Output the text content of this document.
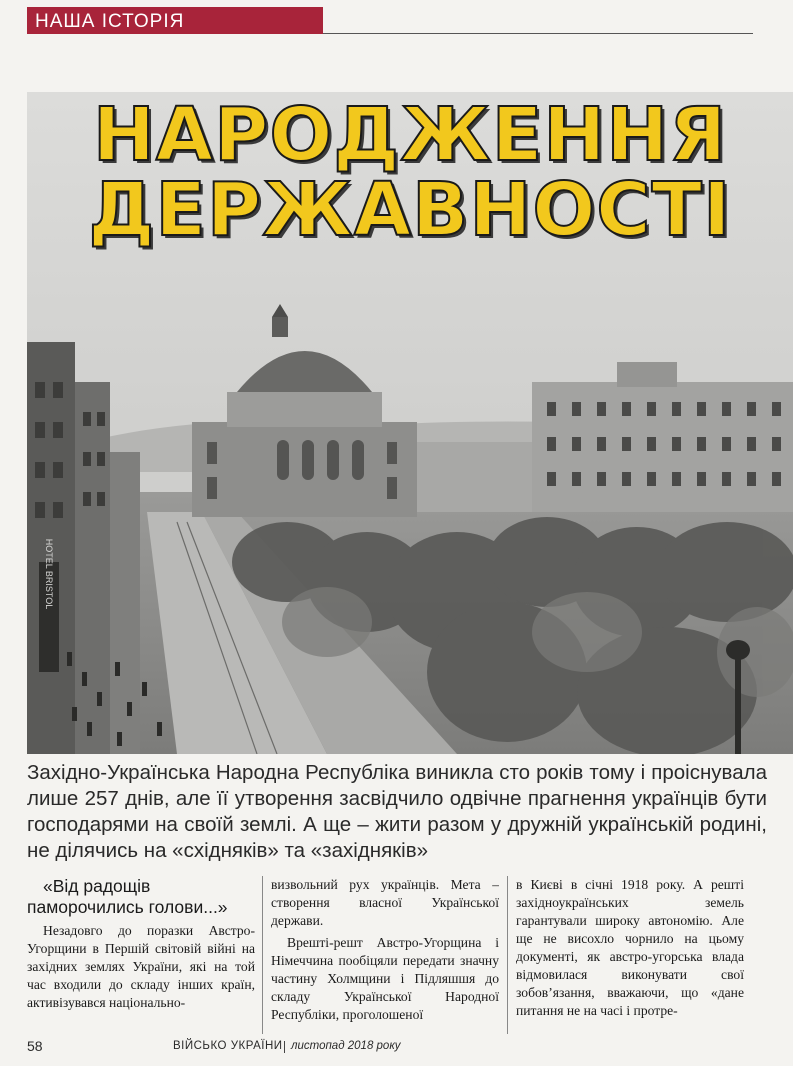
НАША ІСТОРІЯ
HOTEL BRISTOL
НАРОДЖЕННЯ
ДЕРЖАВНОСТІ

Західно-Українська Народна Республіка виникла сто років тому і проіснувала лише 257 днів, але її утворення засвідчило одвічне прагнення українців бути господарями на своїй землі. А ще – жити разом у дружній українській родині, не ділячись на «східняків» та «західняків»

«Від радощів паморочились голови...»

Незадовго до поразки Австро-Угорщини в Першій світовій війні на західних землях України, які на той час входили до складу інших країн, активізувався національно-

визвольний рух українців. Мета – створення власної Української держави.

Врешті-решт Австро-Угорщина і Німеччина пообіцяли передати значну частину Холмщини і Підляшшя до складу Української Народної Республіки, проголошеної

в Києві в січні 1918 року. А решті західноукраїнських земель гарантували широку автономію. Але ще не висохло чорнило на цьому документі, як австро-угорська влада відмовилася виконувати свої зобов’язання, вважаючи, що «дане питання не на часі і протре-

58	ВІЙСЬКО УКРАЇНИ листопад 2018 року
